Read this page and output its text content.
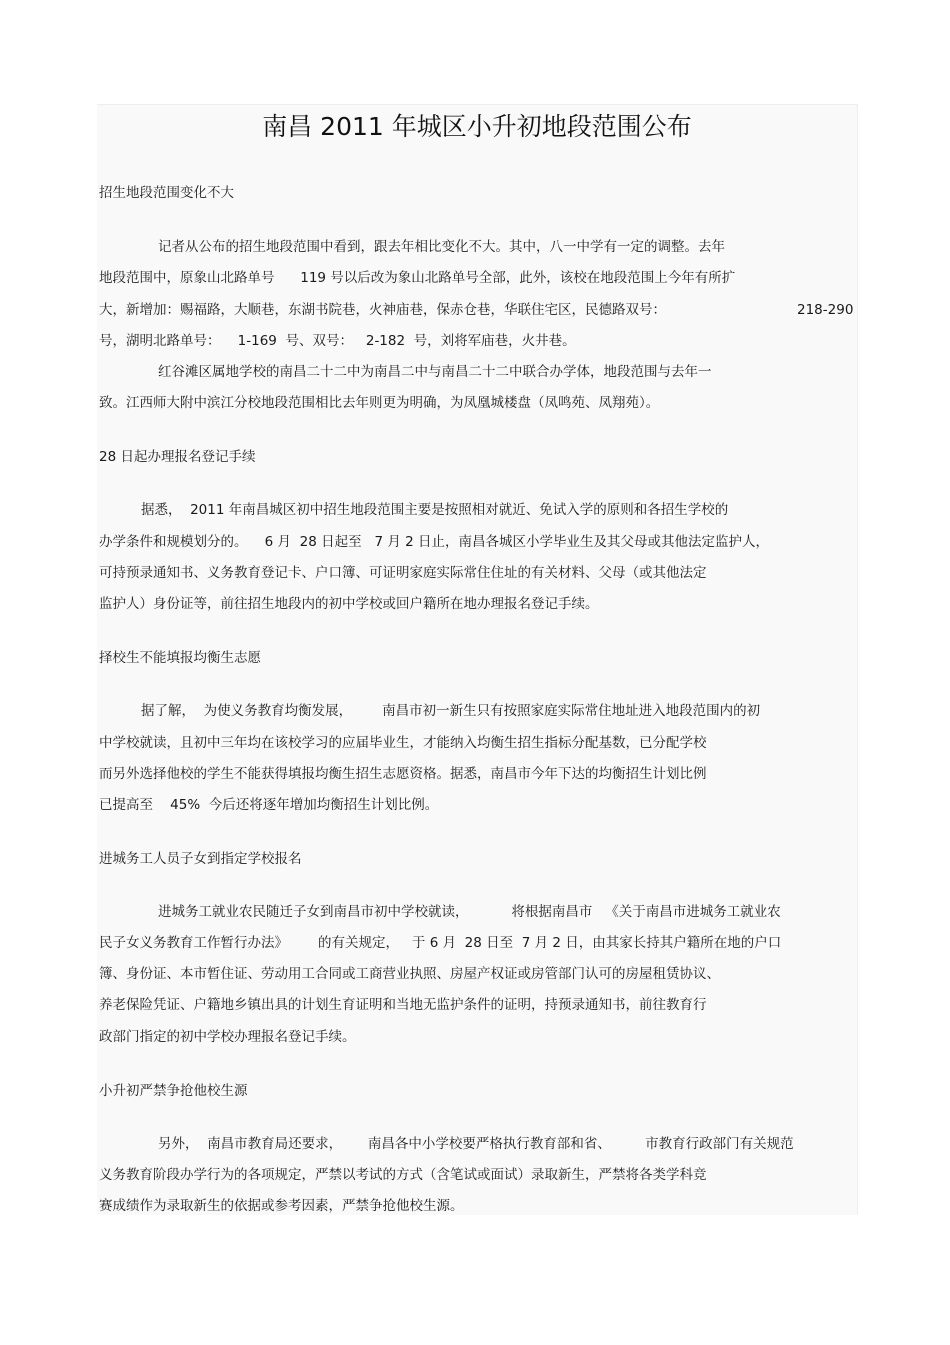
南昌 2011 年城区小升初地段范围公布
招生地段范围变化不大
记者从公布的招生地段范围中看到，跟去年相比变化不大。其中，八一中学有一定的调整。去年
地段范围中，原象山北路单号      119 号以后改为象山北路单号全部，此外，该校在地段范围上今年有所扩
大，新增加：赐福路，大顺巷，东湖书院巷，火神庙巷，保赤仓巷，华联住宅区，民德路双号：	218-290
号，湖明北路单号：    1-169  号、双号：   2-182  号，刘将军庙巷，火井巷。
红谷滩区属地学校的南昌二十二中为南昌二中与南昌二十二中联合办学体，地段范围与去年一
致。江西师大附中滨江分校地段范围相比去年则更为明确，为凤凰城楼盘（凤鸣苑、凤翔苑）。
28 日起办理报名登记手续
据悉，  2011 年南昌城区初中招生地段范围主要是按照相对就近、免试入学的原则和各招生学校的
办学条件和规模划分的。    6 月  28 日起至   7 月 2 日止，南昌各城区小学毕业生及其父母或其他法定监护人，
可持预录通知书、义务教育登记卡、户口簿、可证明家庭实际常住住址的有关材料、父母（或其他法定
监护人）身份证等，前往招生地段内的初中学校或回户籍所在地办理报名登记手续。
择校生不能填报均衡生志愿
据了解，  为使义务教育均衡发展，       南昌市初一新生只有按照家庭实际常住地址进入地段范围内的初
中学校就读，且初中三年均在该校学习的应届毕业生，才能纳入均衡生招生指标分配基数，已分配学校
而另外选择他校的学生不能获得填报均衡生招生志愿资格。据悉，南昌市今年下达的均衡招生计划比例
已提高至    45%  今后还将逐年增加均衡招生计划比例。
进城务工人员子女到指定学校报名
进城务工就业农民随迁子女到南昌市初中学校就读，          将根据南昌市   《关于南昌市进城务工就业农
民子女义务教育工作暂行办法》       的有关规定，   于 6 月  28 日至  7 月 2 日，由其家长持其户籍所在地的户口
簿、身份证、本市暂住证、劳动用工合同或工商营业执照、房屋产权证或房管部门认可的房屋租赁协议、
养老保险凭证、户籍地乡镇出具的计划生育证明和当地无监护条件的证明，持预录通知书，前往教育行
政部门指定的初中学校办理报名登记手续。
小升初严禁争抢他校生源
另外，  南昌市教育局还要求，      南昌各中小学校要严格执行教育部和省、        市教育行政部门有关规范
义务教育阶段办学行为的各项规定，严禁以考试的方式（含笔试或面试）录取新生，严禁将各类学科竞
赛成绩作为录取新生的依据或参考因素，严禁争抢他校生源。
